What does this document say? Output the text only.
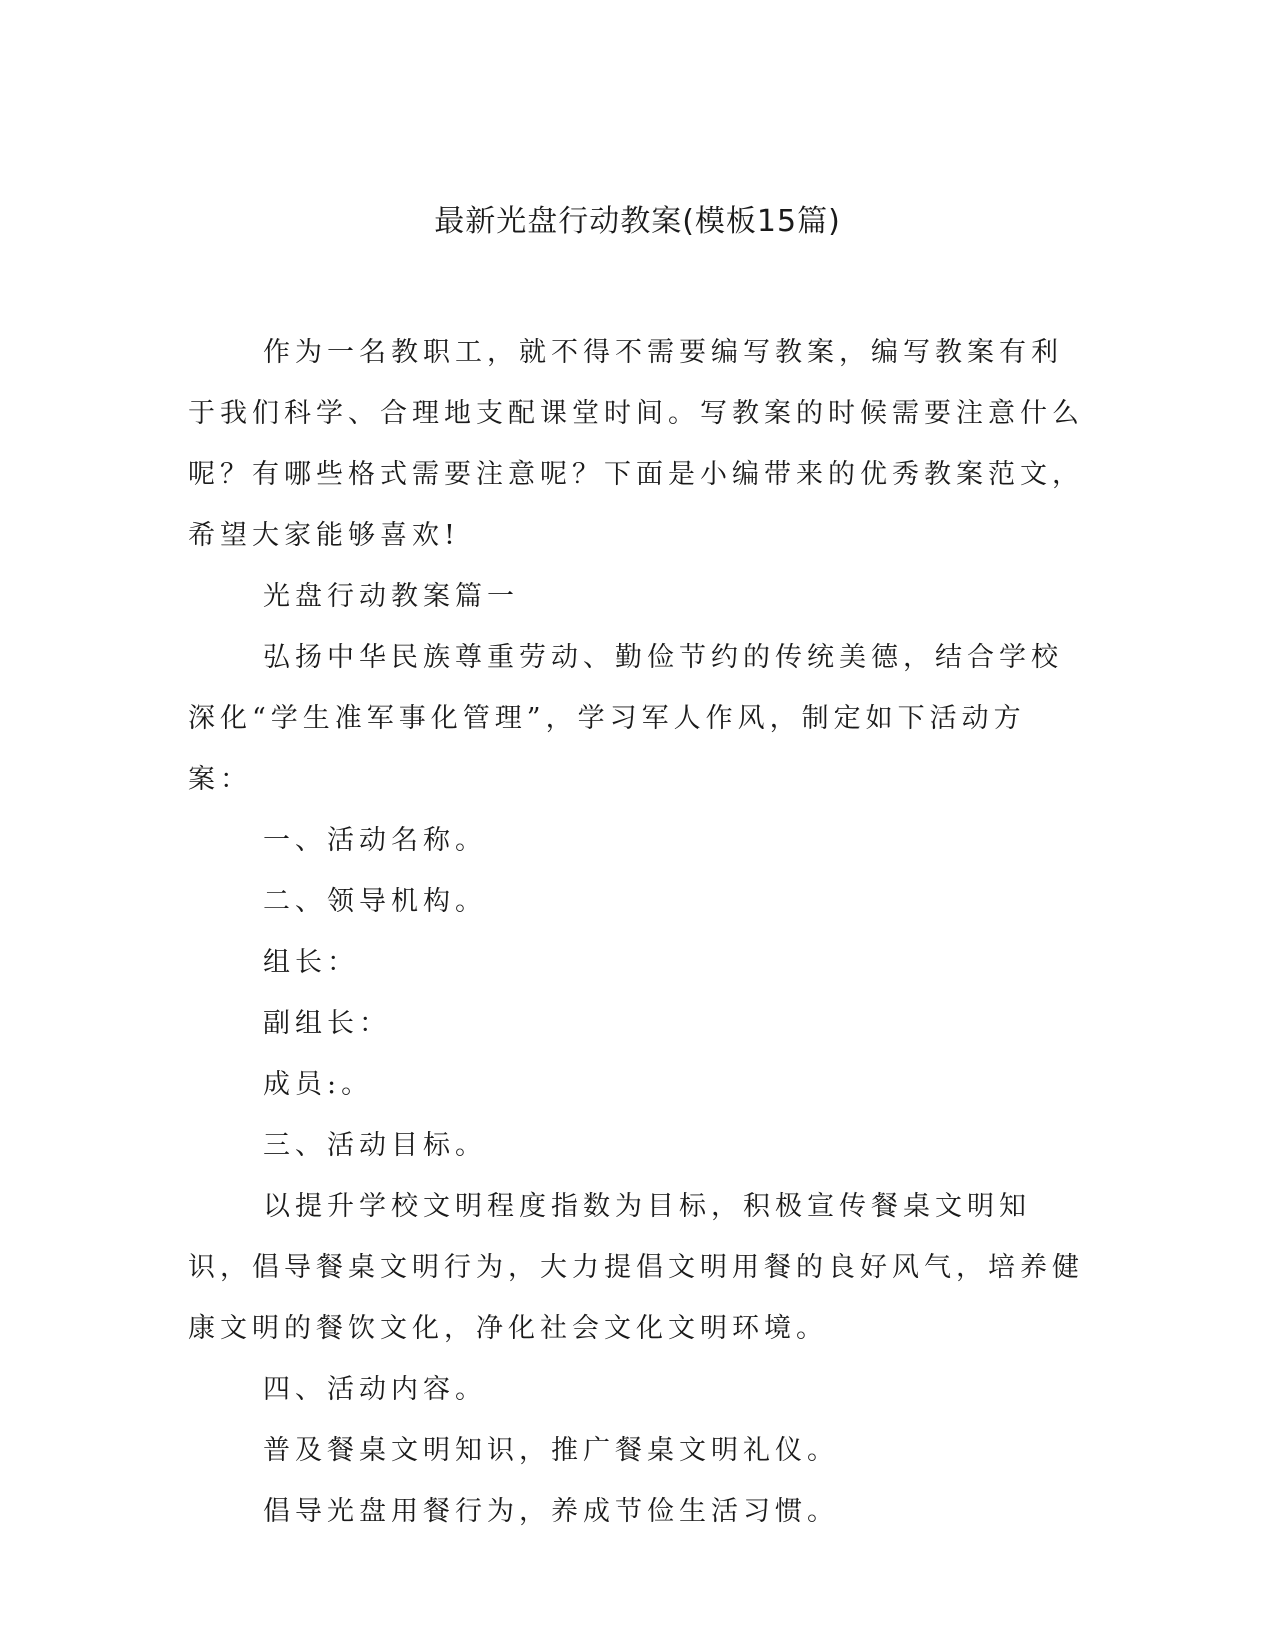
最新光盘行动教案(模板15篇)

作为一名教职工，就不得不需要编写教案，编写教案有利于我们科学、合理地支配课堂时间。写教案的时候需要注意什么呢？有哪些格式需要注意呢？下面是小编带来的优秀教案范文，希望大家能够喜欢!

光盘行动教案篇一

弘扬中华民族尊重劳动、勤俭节约的传统美德，结合学校深化“学生准军事化管理”，学习军人作风，制定如下活动方案：

一、活动名称。

二、领导机构。

组长：

副组长：

成员:。

三、活动目标。

以提升学校文明程度指数为目标，积极宣传餐桌文明知识，倡导餐桌文明行为，大力提倡文明用餐的良好风气，培养健康文明的餐饮文化，净化社会文化文明环境。

四、活动内容。

普及餐桌文明知识，推广餐桌文明礼仪。

倡导光盘用餐行为，养成节俭生活习惯。
